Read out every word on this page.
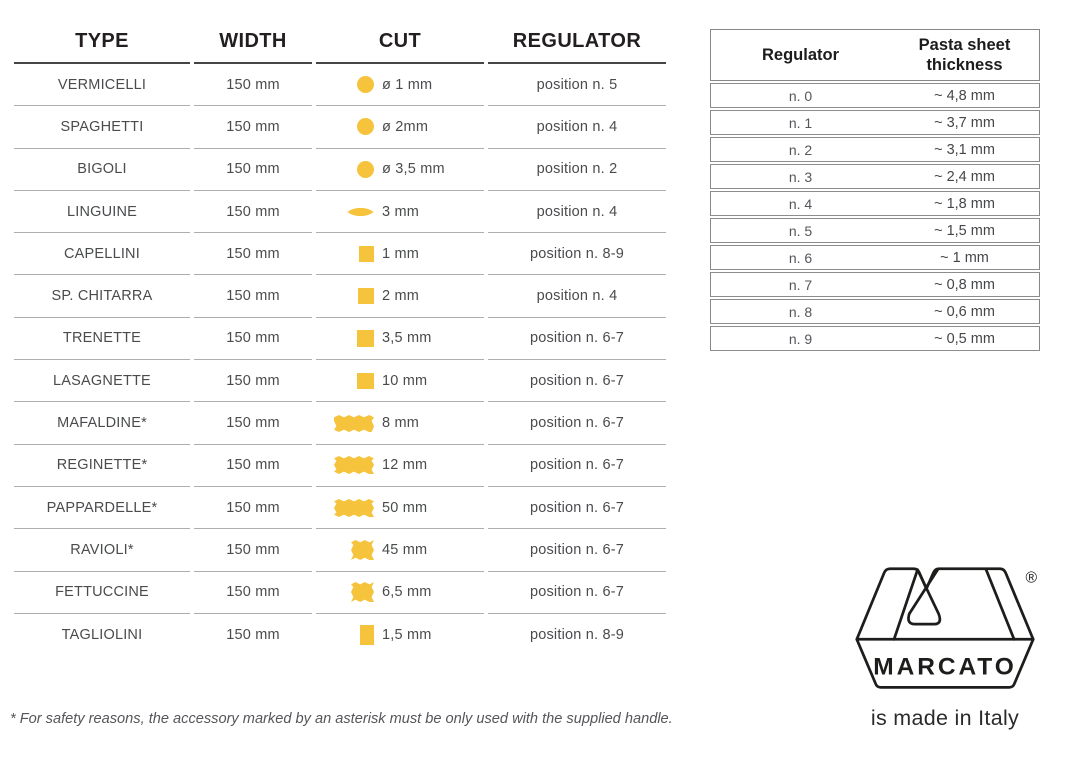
TYPE	WIDTH	CUT	REGULATOR
VERMICELLI	150 mm	ø 1 mm	position n. 5
SPAGHETTI	150 mm	ø 2mm	position n. 4
BIGOLI	150 mm	ø 3,5 mm	position n. 2
LINGUINE	150 mm	3 mm	position n. 4
CAPELLINI	150 mm	1 mm	position n. 8-9
SP. CHITARRA	150 mm	2 mm	position n. 4
TRENETTE	150 mm	3,5 mm	position n. 6-7
LASAGNETTE	150 mm	10 mm	position n. 6-7
MAFALDINE*	150 mm	8 mm	position n. 6-7
REGINETTE*	150 mm	12 mm	position n. 6-7
PAPPARDELLE*	150 mm	50 mm	position n. 6-7
RAVIOLI*	150 mm	45 mm	position n. 6-7
FETTUCCINE	150 mm	6,5 mm	position n. 6-7
TAGLIOLINI	150 mm	1,5 mm	position n. 8-9
* For safety reasons, the accessory marked by an asterisk must be only used with the supplied handle.
Regulator	Pasta sheet thickness
n. 0	~ 4,8 mm
n. 1	~ 3,7 mm
n. 2	~ 3,1 mm
n. 3	~ 2,4 mm
n. 4	~ 1,8 mm
n. 5	~ 1,5 mm
n. 6	~ 1 mm
n. 7	~ 0,8 mm
n. 8	~ 0,6 mm
n. 9	~ 0,5 mm
MARCATO
®
is made in Italy
